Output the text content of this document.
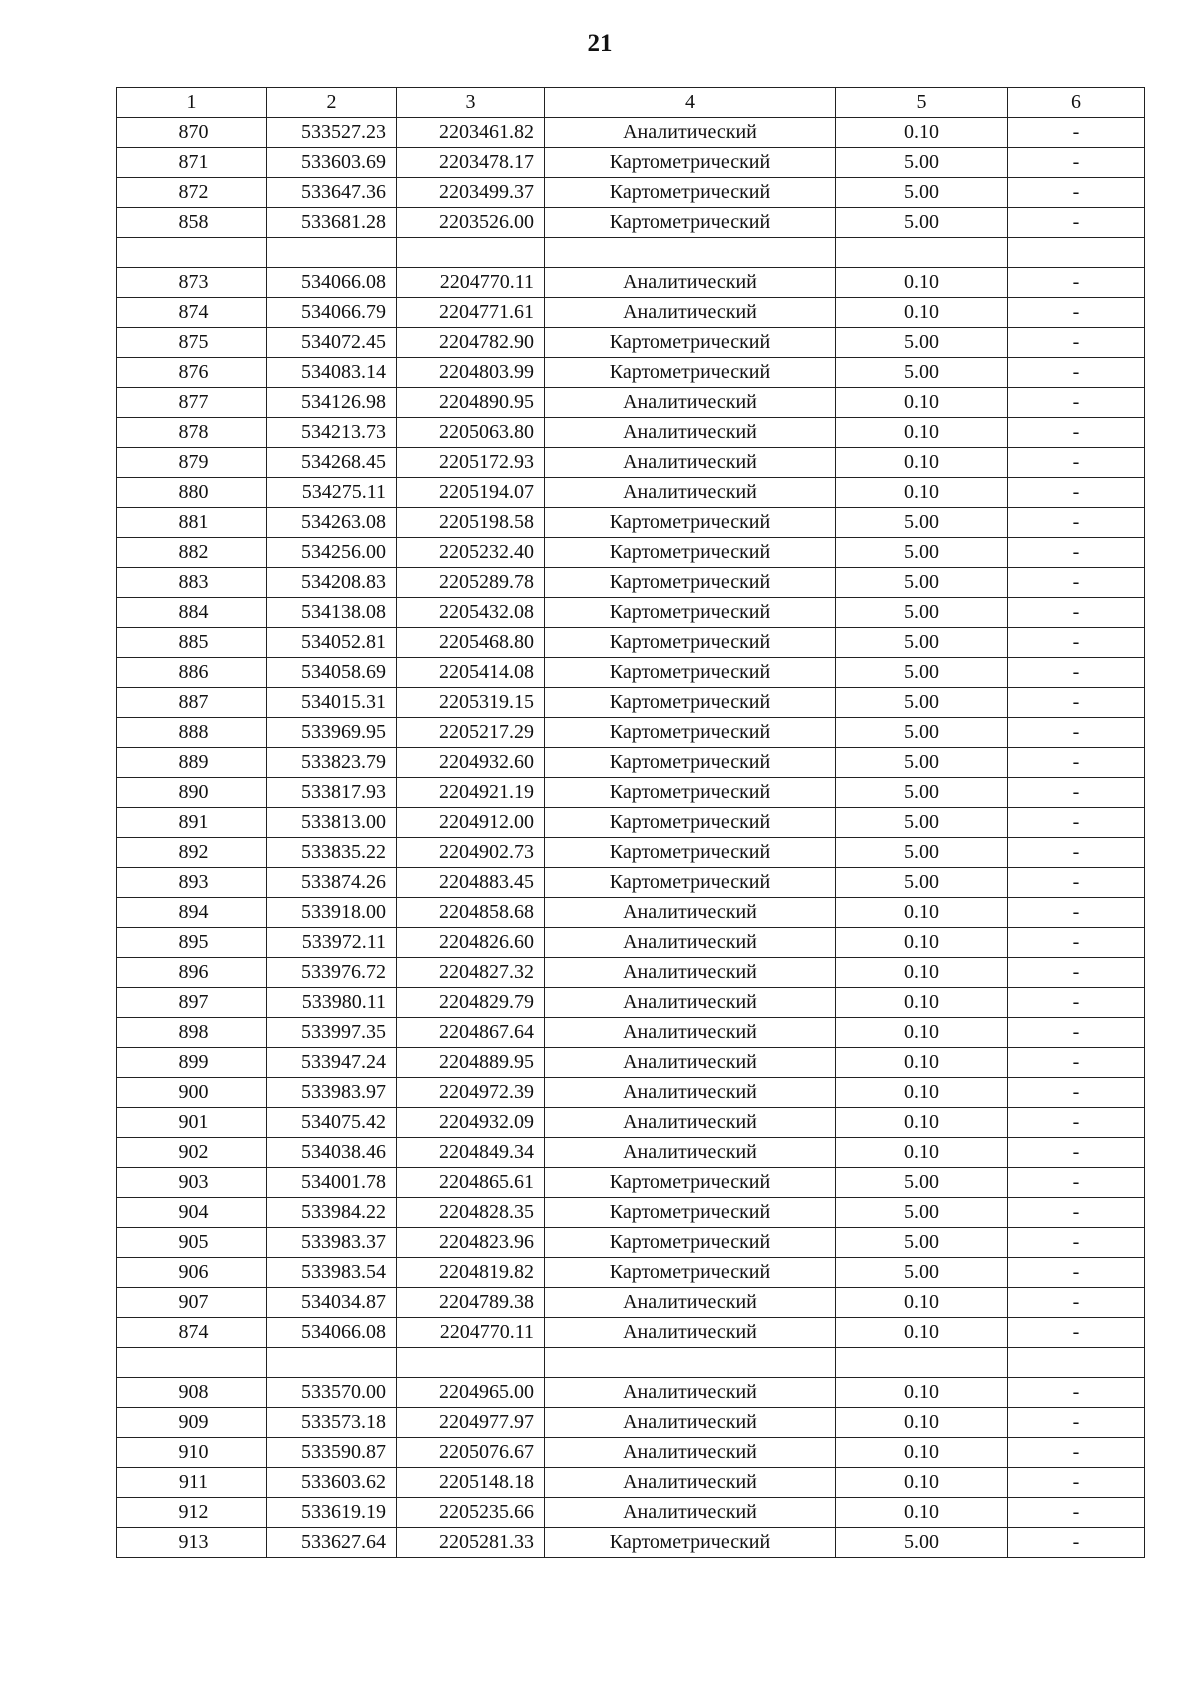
21
1	2	3	4	5	6
870	533527.23	2203461.82	Аналитический	0.10	-
871	533603.69	2203478.17	Картометрический	5.00	-
872	533647.36	2203499.37	Картометрический	5.00	-
858	533681.28	2203526.00	Картометрический	5.00	-

873	534066.08	2204770.11	Аналитический	0.10	-
874	534066.79	2204771.61	Аналитический	0.10	-
875	534072.45	2204782.90	Картометрический	5.00	-
876	534083.14	2204803.99	Картометрический	5.00	-
877	534126.98	2204890.95	Аналитический	0.10	-
878	534213.73	2205063.80	Аналитический	0.10	-
879	534268.45	2205172.93	Аналитический	0.10	-
880	534275.11	2205194.07	Аналитический	0.10	-
881	534263.08	2205198.58	Картометрический	5.00	-
882	534256.00	2205232.40	Картометрический	5.00	-
883	534208.83	2205289.78	Картометрический	5.00	-
884	534138.08	2205432.08	Картометрический	5.00	-
885	534052.81	2205468.80	Картометрический	5.00	-
886	534058.69	2205414.08	Картометрический	5.00	-
887	534015.31	2205319.15	Картометрический	5.00	-
888	533969.95	2205217.29	Картометрический	5.00	-
889	533823.79	2204932.60	Картометрический	5.00	-
890	533817.93	2204921.19	Картометрический	5.00	-
891	533813.00	2204912.00	Картометрический	5.00	-
892	533835.22	2204902.73	Картометрический	5.00	-
893	533874.26	2204883.45	Картометрический	5.00	-
894	533918.00	2204858.68	Аналитический	0.10	-
895	533972.11	2204826.60	Аналитический	0.10	-
896	533976.72	2204827.32	Аналитический	0.10	-
897	533980.11	2204829.79	Аналитический	0.10	-
898	533997.35	2204867.64	Аналитический	0.10	-
899	533947.24	2204889.95	Аналитический	0.10	-
900	533983.97	2204972.39	Аналитический	0.10	-
901	534075.42	2204932.09	Аналитический	0.10	-
902	534038.46	2204849.34	Аналитический	0.10	-
903	534001.78	2204865.61	Картометрический	5.00	-
904	533984.22	2204828.35	Картометрический	5.00	-
905	533983.37	2204823.96	Картометрический	5.00	-
906	533983.54	2204819.82	Картометрический	5.00	-
907	534034.87	2204789.38	Аналитический	0.10	-
874	534066.08	2204770.11	Аналитический	0.10	-

908	533570.00	2204965.00	Аналитический	0.10	-
909	533573.18	2204977.97	Аналитический	0.10	-
910	533590.87	2205076.67	Аналитический	0.10	-
911	533603.62	2205148.18	Аналитический	0.10	-
912	533619.19	2205235.66	Аналитический	0.10	-
913	533627.64	2205281.33	Картометрический	5.00	-
